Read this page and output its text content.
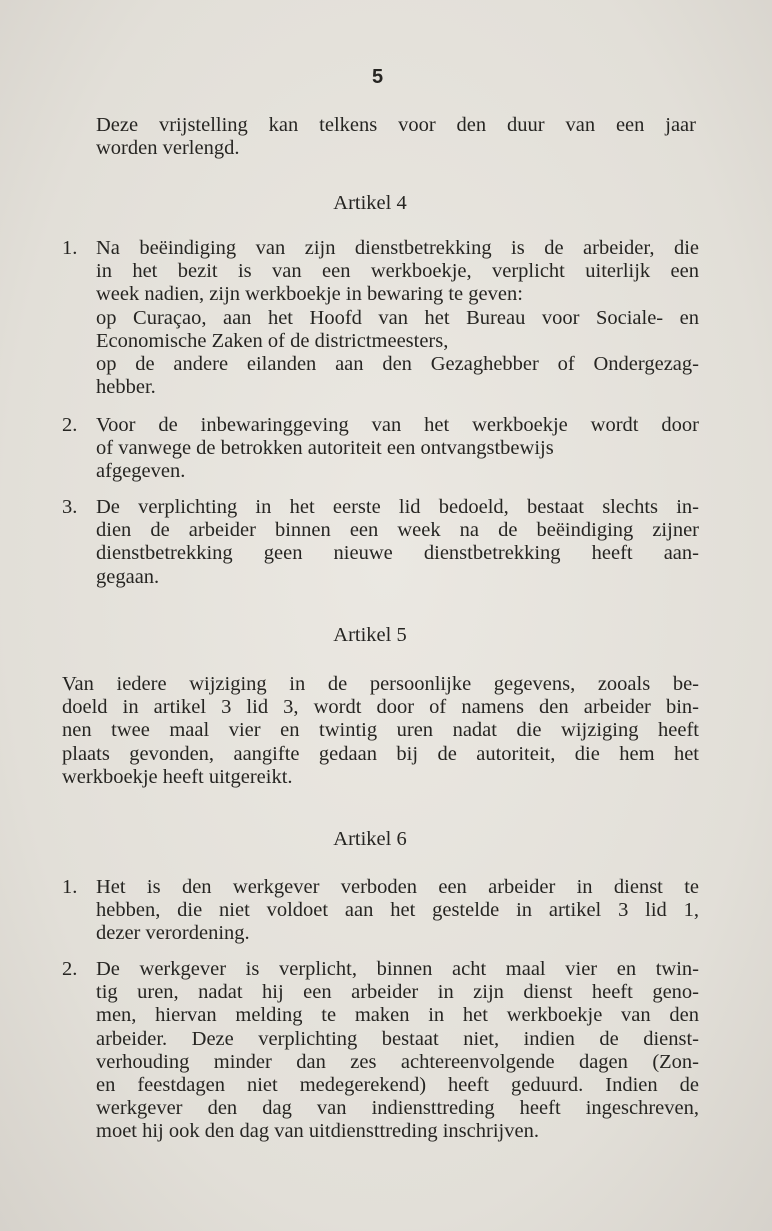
5
Deze vrijstelling kan telkens voor den duur van een jaar
worden verlengd.
Artikel 4
1. Na beëindiging van zijn dienstbetrekking is de arbeider, die
in het bezit is van een werkboekje, verplicht uiterlijk een
week nadien, zijn werkboekje in bewaring te geven:
op Curaçao, aan het Hoofd van het Bureau voor Sociale- en
Economische Zaken of de districtmeesters,
op de andere eilanden aan den Gezaghebber of Ondergezag-
hebber.
2. Voor de inbewaringgeving van het werkboekje wordt door
of vanwege de betrokken autoriteit een ontvangstbewijs
afgegeven.
3. De verplichting in het eerste lid bedoeld, bestaat slechts in-
dien de arbeider binnen een week na de beëindiging zijner
dienstbetrekking geen nieuwe dienstbetrekking heeft aan-
gegaan.
Artikel 5
Van iedere wijziging in de persoonlijke gegevens, zooals be-
doeld in artikel 3 lid 3, wordt door of namens den arbeider bin-
nen twee maal vier en twintig uren nadat die wijziging heeft
plaats gevonden, aangifte gedaan bij de autoriteit, die hem het
werkboekje heeft uitgereikt.
Artikel 6
1. Het is den werkgever verboden een arbeider in dienst te
hebben, die niet voldoet aan het gestelde in artikel 3 lid 1,
dezer verordening.
2. De werkgever is verplicht, binnen acht maal vier en twin-
tig uren, nadat hij een arbeider in zijn dienst heeft geno-
men, hiervan melding te maken in het werkboekje van den
arbeider. Deze verplichting bestaat niet, indien de dienst-
verhouding minder dan zes achtereenvolgende dagen (Zon-
en feestdagen niet medegerekend) heeft geduurd. Indien de
werkgever den dag van indiensttreding heeft ingeschreven,
moet hij ook den dag van uitdiensttreding inschrijven.
